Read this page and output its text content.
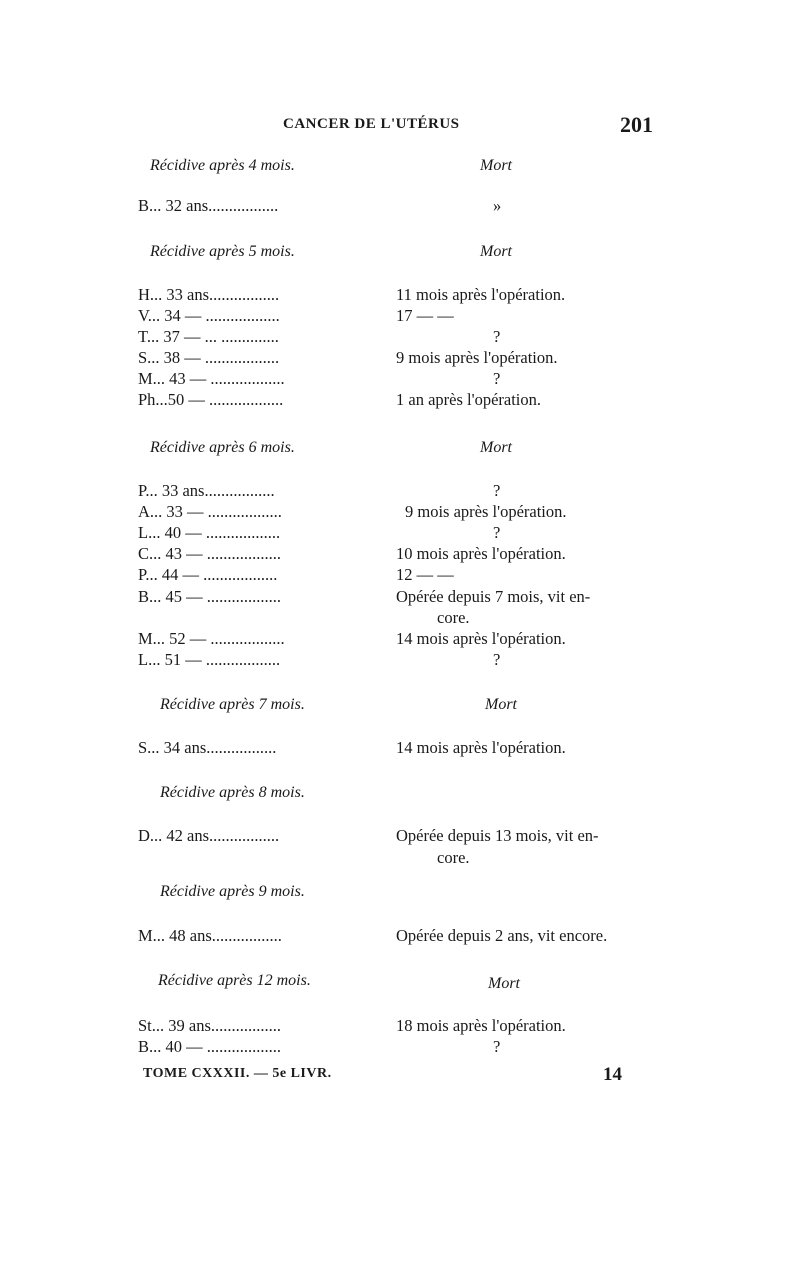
CANCER DE L'UTÉRUS	201
Récidive après 4 mois.	Mort
B... 32 ans.................	»
Récidive après 5 mois.	Mort
H... 33 ans.................	11 mois après l'opération.
V... 34 — ..................	17 — —
T... 37 — ... ..............	?
S... 38 — ..................	9 mois après l'opération.
M... 43 — ..................	?
Ph...50 — ..................	1 an après l'opération.
Récidive après 6 mois.	Mort
P... 33 ans.................	?
A... 33 — ..................	9 mois après l'opération.
L... 40 — ..................	?
C... 43 — ..................	10 mois après l'opération.
P... 44 — ..................	12 — —
B... 45 — ..................	Opérée depuis 7 mois, vit en-
core.
M... 52 — ..................	14 mois après l'opération.
L... 51 — ..................	?
Récidive après 7 mois.	Mort
S... 34 ans.................	14 mois après l'opération.
Récidive après 8 mois.
D... 42 ans.................	Opérée depuis 13 mois, vit en-
core.
Récidive après 9 mois.
M... 48 ans.................	Opérée depuis 2 ans, vit encore.
Récidive après 12 mois.	Mort
St... 39 ans.................	18 mois après l'opération.
B... 40 — ..................	?
TOME CXXXII. — 5e LIVR.	14
